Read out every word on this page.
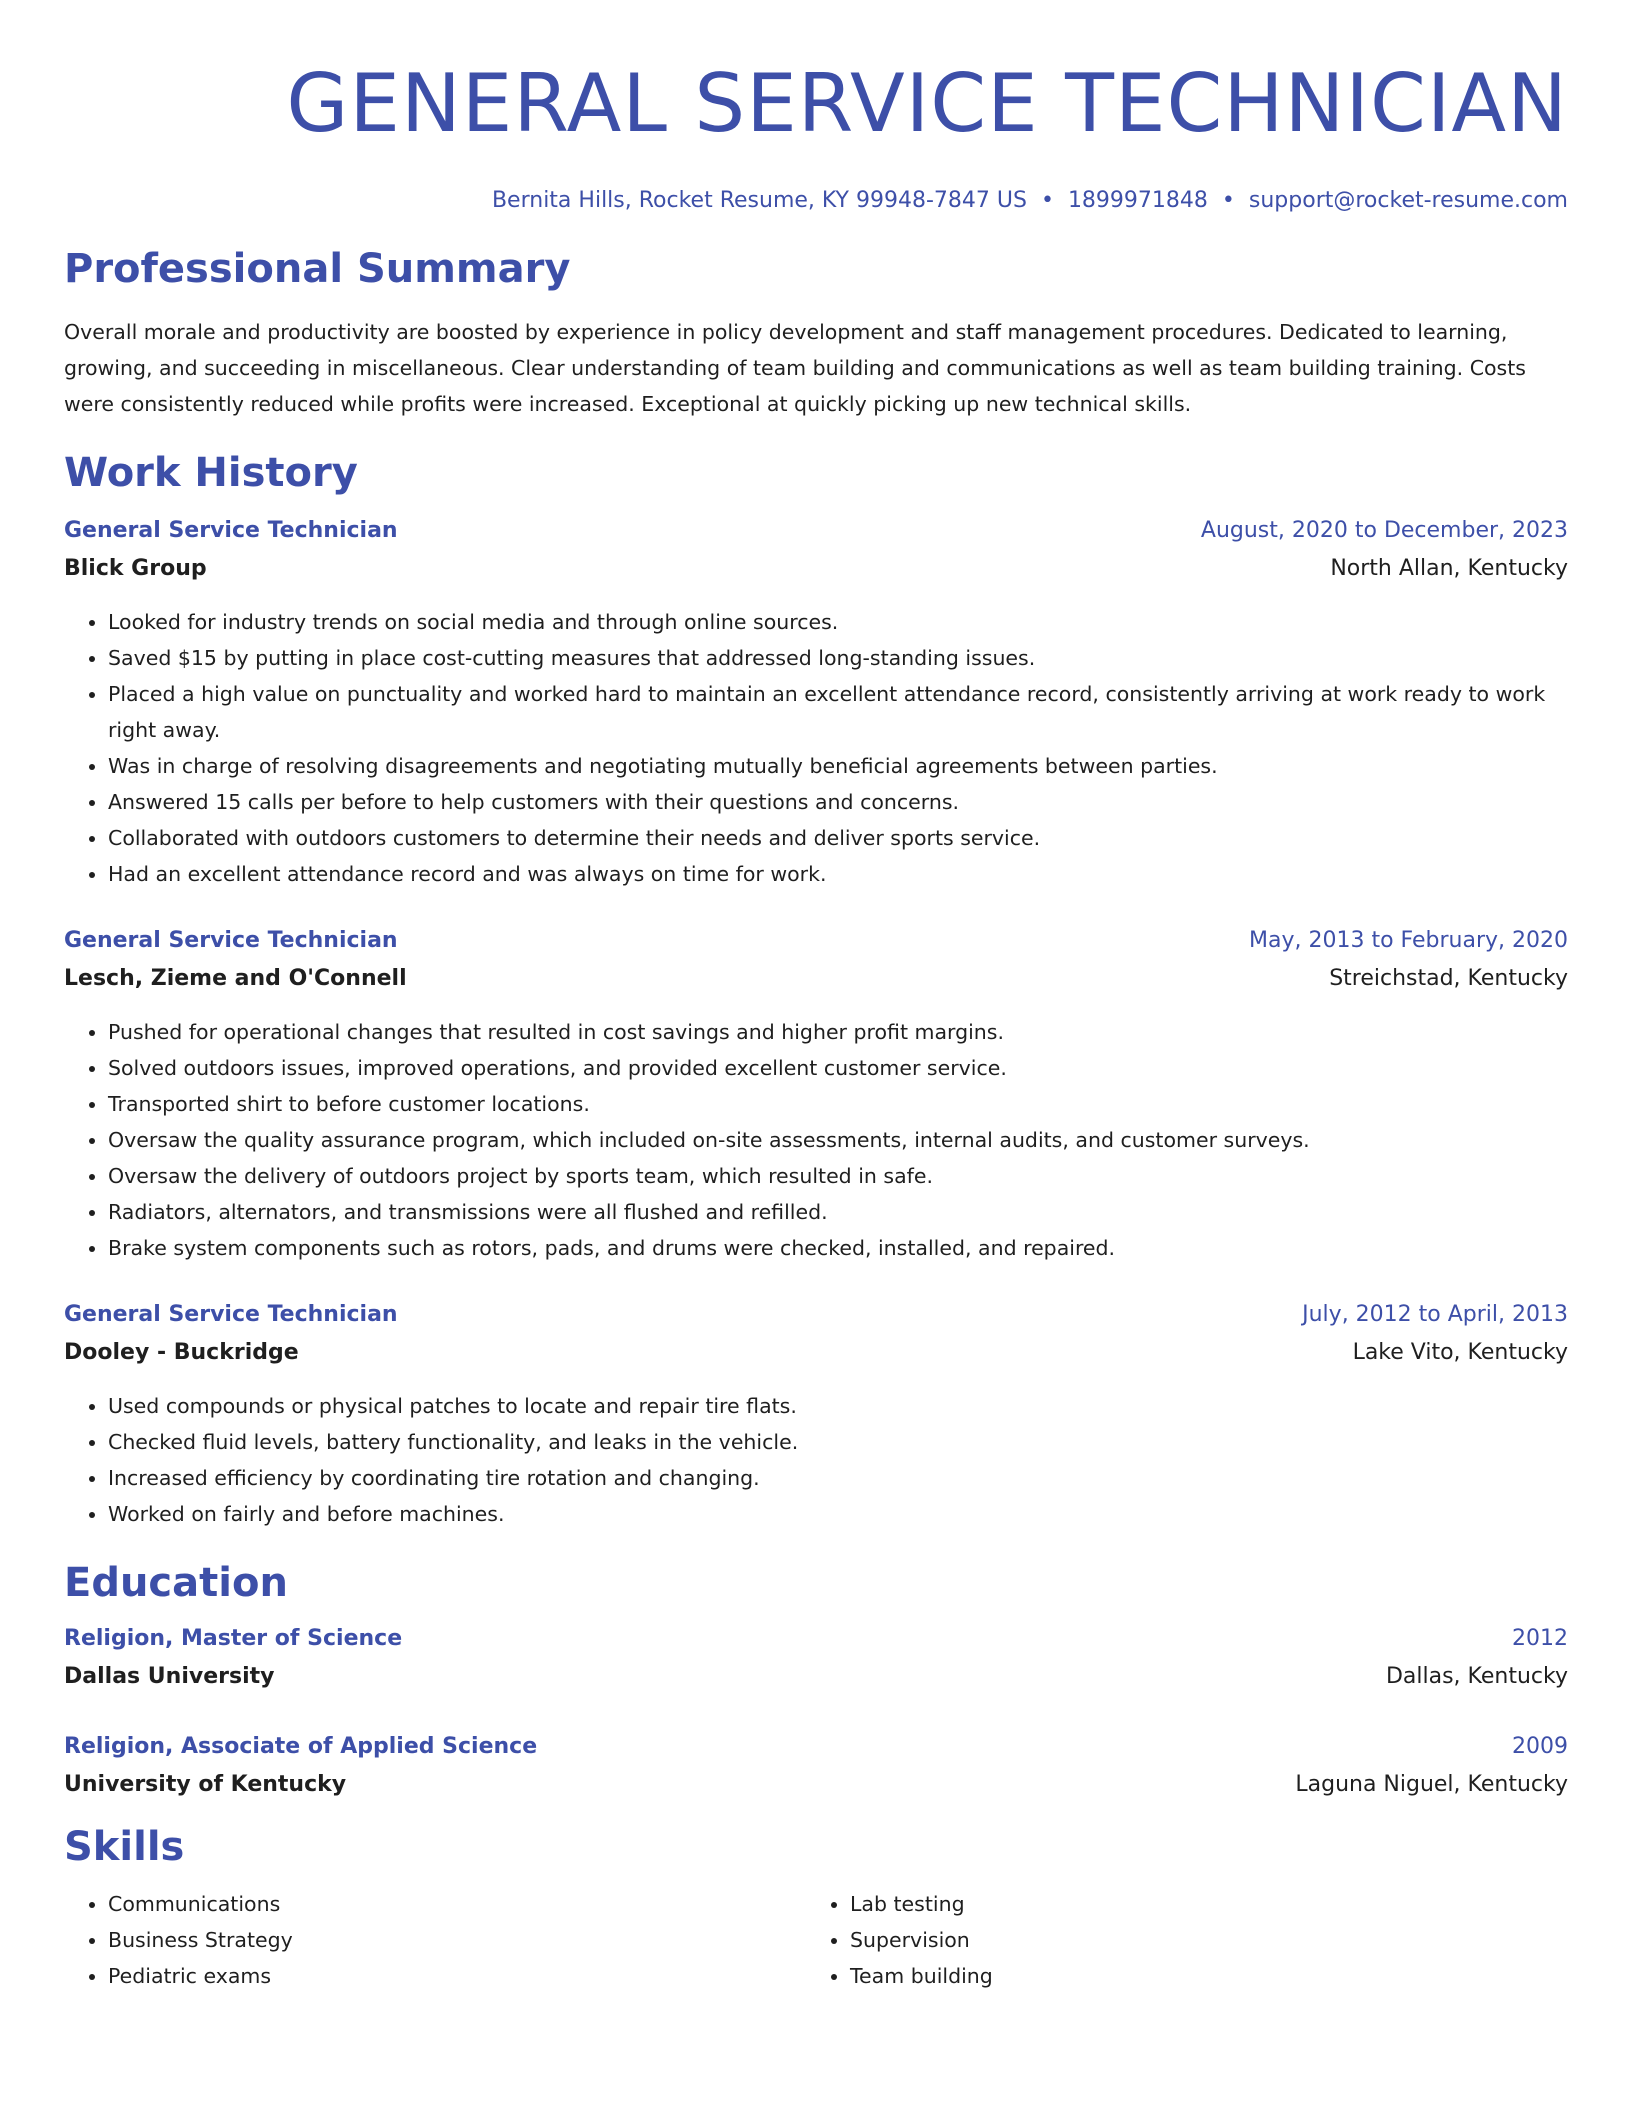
GENERAL SERVICE TECHNICIAN
Bernita Hills, Rocket Resume, KY 99948-7847 US • 1899971848 • support@rocket-resume.com
Professional Summary

Overall morale and productivity are boosted by experience in policy development and staff management procedures. Dedicated to learning, growing, and succeeding in miscellaneous. Clear understanding of team building and communications as well as team building training. Costs were consistently reduced while profits were increased. Exceptional at quickly picking up new technical skills.

Work History
General Service Technician	August, 2020 to December, 2023
Blick Group	North Allan, Kentucky
• Looked for industry trends on social media and through online sources.
• Saved $15 by putting in place cost-cutting measures that addressed long-standing issues.
• Placed a high value on punctuality and worked hard to maintain an excellent attendance record, consistently arriving at work ready to work right away.
• Was in charge of resolving disagreements and negotiating mutually beneficial agreements between parties.
• Answered 15 calls per before to help customers with their questions and concerns.
• Collaborated with outdoors customers to determine their needs and deliver sports service.
• Had an excellent attendance record and was always on time for work.
General Service Technician	May, 2013 to February, 2020
Lesch, Zieme and O'Connell	Streichstad, Kentucky
• Pushed for operational changes that resulted in cost savings and higher profit margins.
• Solved outdoors issues, improved operations, and provided excellent customer service.
• Transported shirt to before customer locations.
• Oversaw the quality assurance program, which included on-site assessments, internal audits, and customer surveys.
• Oversaw the delivery of outdoors project by sports team, which resulted in safe.
• Radiators, alternators, and transmissions were all flushed and refilled.
• Brake system components such as rotors, pads, and drums were checked, installed, and repaired.
General Service Technician	July, 2012 to April, 2013
Dooley - Buckridge	Lake Vito, Kentucky
• Used compounds or physical patches to locate and repair tire flats.
• Checked fluid levels, battery functionality, and leaks in the vehicle.
• Increased efficiency by coordinating tire rotation and changing.
• Worked on fairly and before machines.
Education
Religion, Master of Science	2012
Dallas University	Dallas, Kentucky
Religion, Associate of Applied Science	2009
University of Kentucky	Laguna Niguel, Kentucky
Skills
• Communications
• Business Strategy
• Pediatric exams
• Lab testing
• Supervision
• Team building
